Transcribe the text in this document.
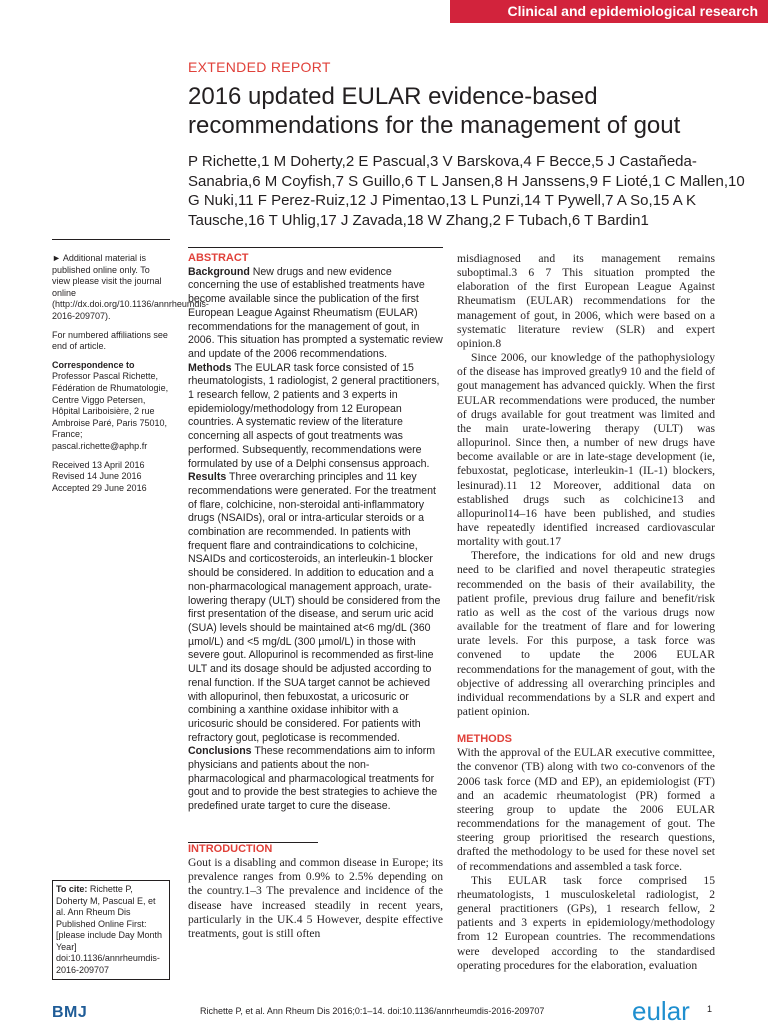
Clinical and epidemiological research
EXTENDED REPORT
2016 updated EULAR evidence-based recommendations for the management of gout
P Richette,1 M Doherty,2 E Pascual,3 V Barskova,4 F Becce,5 J Castañeda-Sanabria,6 M Coyfish,7 S Guillo,6 T L Jansen,8 H Janssens,9 F Lioté,1 C Mallen,10 G Nuki,11 F Perez-Ruiz,12 J Pimentao,13 L Punzi,14 T Pywell,7 A So,15 A K Tausche,16 T Uhlig,17 J Zavada,18 W Zhang,2 F Tubach,6 T Bardin1

► Additional material is published online only. To view please visit the journal online (http://dx.doi.org/10.1136/annrheumdis-2016-209707).

For numbered affiliations see end of article.

Correspondence to

Professor Pascal Richette, Fédération de Rhumatologie, Centre Viggo Petersen, Hôpital Lariboisière, 2 rue Ambroise Paré, Paris 75010, France; pascal.richette@aphp.fr

Received 13 April 2016
Revised 14 June 2016
Accepted 29 June 2016
ABSTRACT

Background New drugs and new evidence concerning the use of established treatments have become available since the publication of the first European League Against Rheumatism (EULAR) recommendations for the management of gout, in 2006. This situation has prompted a systematic review and update of the 2006 recommendations.

Methods The EULAR task force consisted of 15 rheumatologists, 1 radiologist, 2 general practitioners, 1 research fellow, 2 patients and 3 experts in epidemiology/methodology from 12 European countries. A systematic review of the literature concerning all aspects of gout treatments was performed. Subsequently, recommendations were formulated by use of a Delphi consensus approach.

Results Three overarching principles and 11 key recommendations were generated. For the treatment of flare, colchicine, non-steroidal anti-inflammatory drugs (NSAIDs), oral or intra-articular steroids or a combination are recommended. In patients with frequent flare and contraindications to colchicine, NSAIDs and corticosteroids, an interleukin-1 blocker should be considered. In addition to education and a non-pharmacological management approach, urate-lowering therapy (ULT) should be considered from the first presentation of the disease, and serum uric acid (SUA) levels should be maintained at<6 mg/dL (360 µmol/L) and <5 mg/dL (300 µmol/L) in those with severe gout. Allopurinol is recommended as first-line ULT and its dosage should be adjusted according to renal function. If the SUA target cannot be achieved with allopurinol, then febuxostat, a uricosuric or combining a xanthine oxidase inhibitor with a uricosuric should be considered. For patients with refractory gout, pegloticase is recommended.

Conclusions These recommendations aim to inform physicians and patients about the non-pharmacological and pharmacological treatments for gout and to provide the best strategies to achieve the predefined urate target to cure the disease.

INTRODUCTION

Gout is a disabling and common disease in Europe; its prevalence ranges from 0.9% to 2.5% depending on the country.1–3 The prevalence and incidence of the disease have increased steadily in recent years, particularly in the UK.4 5 However, despite effective treatments, gout is still often

misdiagnosed and its management remains suboptimal.3 6 7 This situation prompted the elaboration of the first European League Against Rheumatism (EULAR) recommendations for the management of gout, in 2006, which were based on a systematic literature review (SLR) and expert opinion.8

Since 2006, our knowledge of the pathophysiology of the disease has improved greatly9 10 and the field of gout management has advanced quickly. When the first EULAR recommendations were produced, the number of drugs available for gout treatment was limited and the main urate-lowering therapy (ULT) was allopurinol. Since then, a number of new drugs have become available or are in late-stage development (ie, febuxostat, pegloticase, interleukin-1 (IL-1) blockers, lesinurad).11 12 Moreover, additional data on established drugs such as colchicine13 and allopurinol14–16 have been published, and studies have repeatedly identified increased cardiovascular mortality with gout.17

Therefore, the indications for old and new drugs need to be clarified and novel therapeutic strategies recommended on the basis of their availability, the patient profile, previous drug failure and benefit/risk ratio as well as the cost of the various drugs now available for the treatment of flare and for lowering urate levels. For this purpose, a task force was convened to update the 2006 EULAR recommendations for the management of gout, with the objective of addressing all overarching principles and individual recommendations by a SLR and expert and patient opinion.

METHODS

With the approval of the EULAR executive committee, the convenor (TB) along with two co-convenors of the 2006 task force (MD and EP), an epidemiologist (FT) and an academic rheumatologist (PR) formed a steering group to update the 2006 EULAR recommendations for the management of gout. The steering group prioritised the research questions, drafted the methodology to be used for these novel set of recommendations and assembled a task force.

This EULAR task force comprised 15 rheumatologists, 1 musculoskeletal radiologist, 2 general practitioners (GPs), 1 research fellow, 2 patients and 3 experts in epidemiology/methodology from 12 European countries. The recommendations were developed according to the standardised operating procedures for the elaboration, evaluation

To cite: Richette P, Doherty M, Pascual E, et al. Ann Rheum Dis Published Online First: [please include Day Month Year] doi:10.1136/annrheumdis-2016-209707
BMJ	Richette P, et al. Ann Rheum Dis 2016;0:1–14. doi:10.1136/annrheumdis-2016-209707	eular 1
